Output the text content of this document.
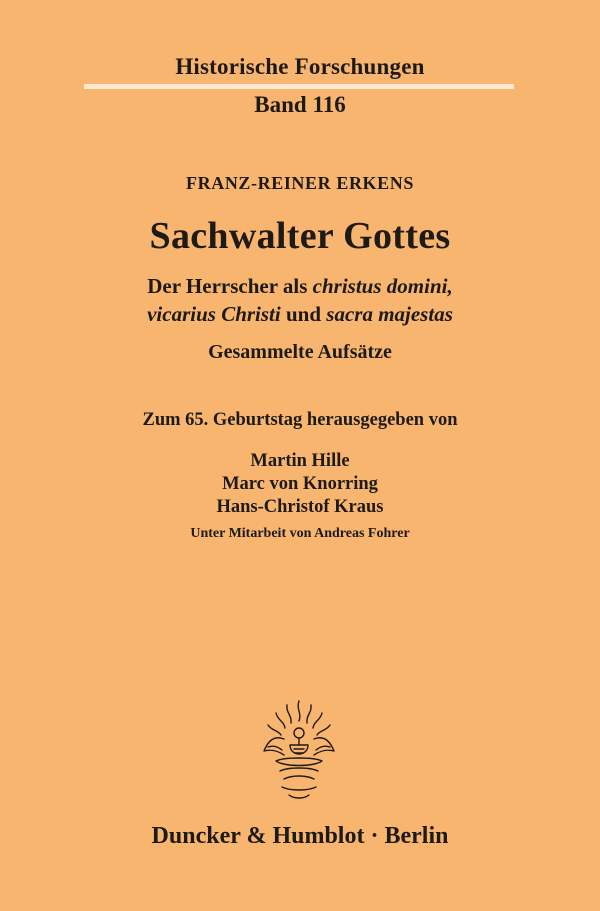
Historische Forschungen
Band 116
FRANZ-REINER ERKENS
Sachwalter Gottes
Der Herrscher als christus domini,
vicarius Christi und sacra majestas
Gesammelte Aufsätze
Zum 65. Geburtstag herausgegeben von
Martin Hille
Marc von Knorring
Hans-Christof Kraus
Unter Mitarbeit von Andreas Fohrer
Duncker & Humblot · Berlin
